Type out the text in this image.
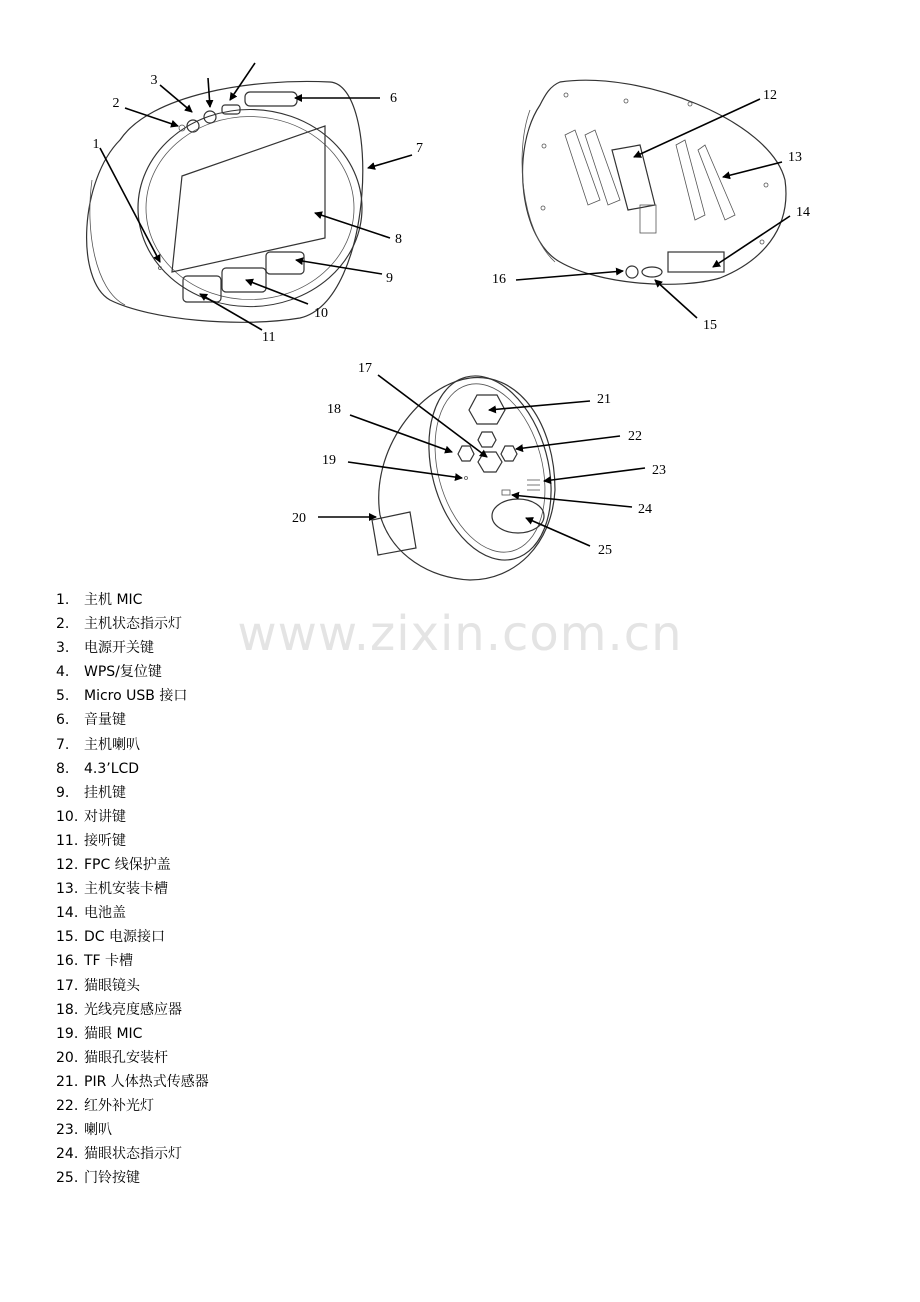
1
2
3
6
7
8
9
10
11
12
13
14
15
16
17
18
19
20
21
22
23
24
25
www.zixin.com.cn
1. 主机 MIC
2. 主机状态指示灯
3. 电源开关键
4. WPS/复位键
5. Micro USB 接口
6. 音量键
7. 主机喇叭
8. 4.3’LCD
9. 挂机键
10. 对讲键
11. 接听键
12. FPC 线保护盖
13. 主机安装卡槽
14. 电池盖
15. DC 电源接口
16. TF 卡槽
17. 猫眼镜头
18. 光线亮度感应器
19. 猫眼 MIC
20. 猫眼孔安装杆
21. PIR 人体热式传感器
22. 红外补光灯
23. 喇叭
24. 猫眼状态指示灯
25. 门铃按键
